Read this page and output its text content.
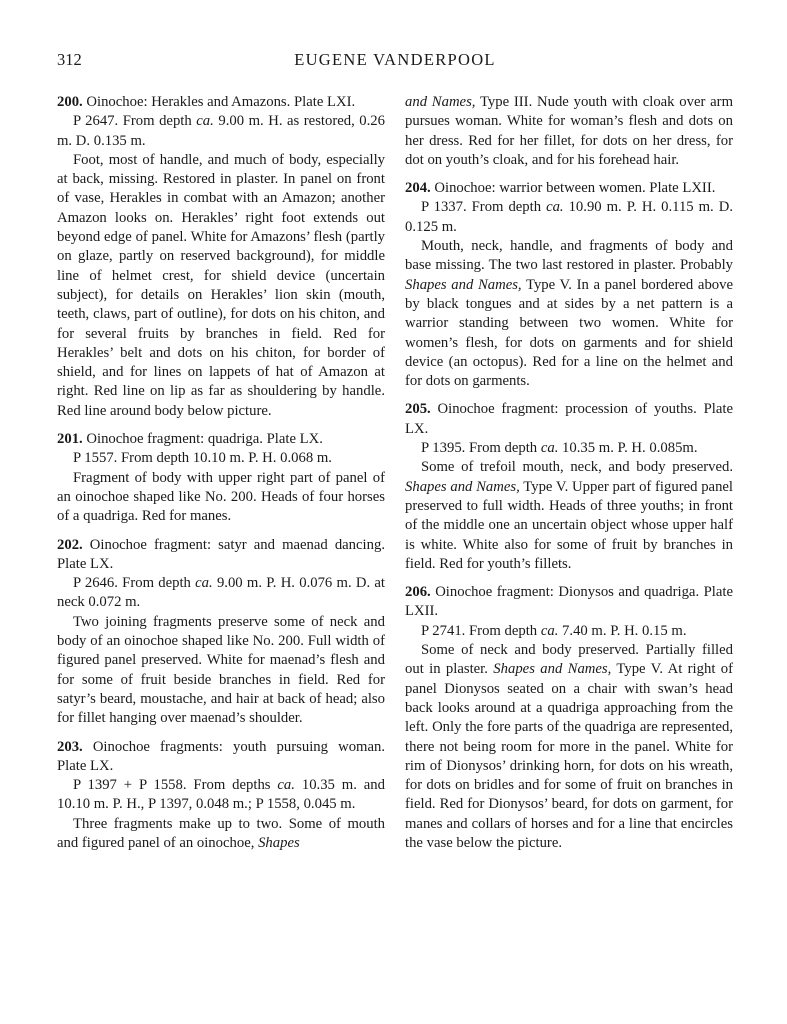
312	EUGENE VANDERPOOL

200. Oinochoe: Herakles and Amazons. Plate LXI.

P 2647. From depth ca. 9.00 m. H. as restored, 0.26 m. D. 0.135 m.

Foot, most of handle, and much of body, especially at back, missing. Restored in plaster. In panel on front of vase, Herakles in combat with an Amazon; another Amazon looks on. Herakles’ right foot extends out beyond edge of panel. White for Amazons’ flesh (partly on glaze, partly on reserved background), for middle line of helmet crest, for shield device (uncertain subject), for details on Herakles’ lion skin (mouth, teeth, claws, part of outline), for dots on his chiton, and for several fruits by branches in field. Red for Herakles’ belt and dots on his chiton, for border of shield, and for lines on lappets of hat of Amazon at right. Red line on lip as far as shouldering by handle. Red line around body below picture.

201. Oinochoe fragment: quadriga. Plate LX.

P 1557. From depth 10.10 m. P. H. 0.068 m.

Fragment of body with upper right part of panel of an oinochoe shaped like No. 200. Heads of four horses of a quadriga. Red for manes.

202. Oinochoe fragment: satyr and maenad dancing. Plate LX.

P 2646. From depth ca. 9.00 m. P. H. 0.076 m. D. at neck 0.072 m.

Two joining fragments preserve some of neck and body of an oinochoe shaped like No. 200. Full width of figured panel preserved. White for maenad’s flesh and for some of fruit beside branches in field. Red for satyr’s beard, moustache, and hair at back of head; also for fillet hanging over maenad’s shoulder.

203. Oinochoe fragments: youth pursuing woman. Plate LX.

P 1397 + P 1558. From depths ca. 10.35 m. and 10.10 m. P. H., P 1397, 0.048 m.; P 1558, 0.045 m.

Three fragments make up to two. Some of mouth and figured panel of an oinochoe, Shapes

and Names, Type III. Nude youth with cloak over arm pursues woman. White for woman’s flesh and dots on her dress. Red for her fillet, for dots on her dress, for dot on youth’s cloak, and for his forehead hair.

204. Oinochoe: warrior between women. Plate LXII.

P 1337. From depth ca. 10.90 m. P. H. 0.115 m. D. 0.125 m.

Mouth, neck, handle, and fragments of body and base missing. The two last restored in plaster. Probably Shapes and Names, Type V. In a panel bordered above by black tongues and at sides by a net pattern is a warrior standing between two women. White for women’s flesh, for dots on garments and for shield device (an octopus). Red for a line on the helmet and for dots on garments.

205. Oinochoe fragment: procession of youths. Plate LX.

P 1395. From depth ca. 10.35 m. P. H. 0.085m.

Some of trefoil mouth, neck, and body preserved. Shapes and Names, Type V. Upper part of figured panel preserved to full width. Heads of three youths; in front of the middle one an uncertain object whose upper half is white. White also for some of fruit by branches in field. Red for youth’s fillets.

206. Oinochoe fragment: Dionysos and quadriga. Plate LXII.

P 2741. From depth ca. 7.40 m. P. H. 0.15 m.

Some of neck and body preserved. Partially filled out in plaster. Shapes and Names, Type V. At right of panel Dionysos seated on a chair with swan’s head back looks around at a quadriga approaching from the left. Only the fore parts of the quadriga are represented, there not being room for more in the panel. White for rim of Dionysos’ drinking horn, for dots on his wreath, for dots on bridles and for some of fruit on branches in field. Red for Dionysos’ beard, for dots on garment, for manes and collars of horses and for a line that encircles the vase below the picture.
